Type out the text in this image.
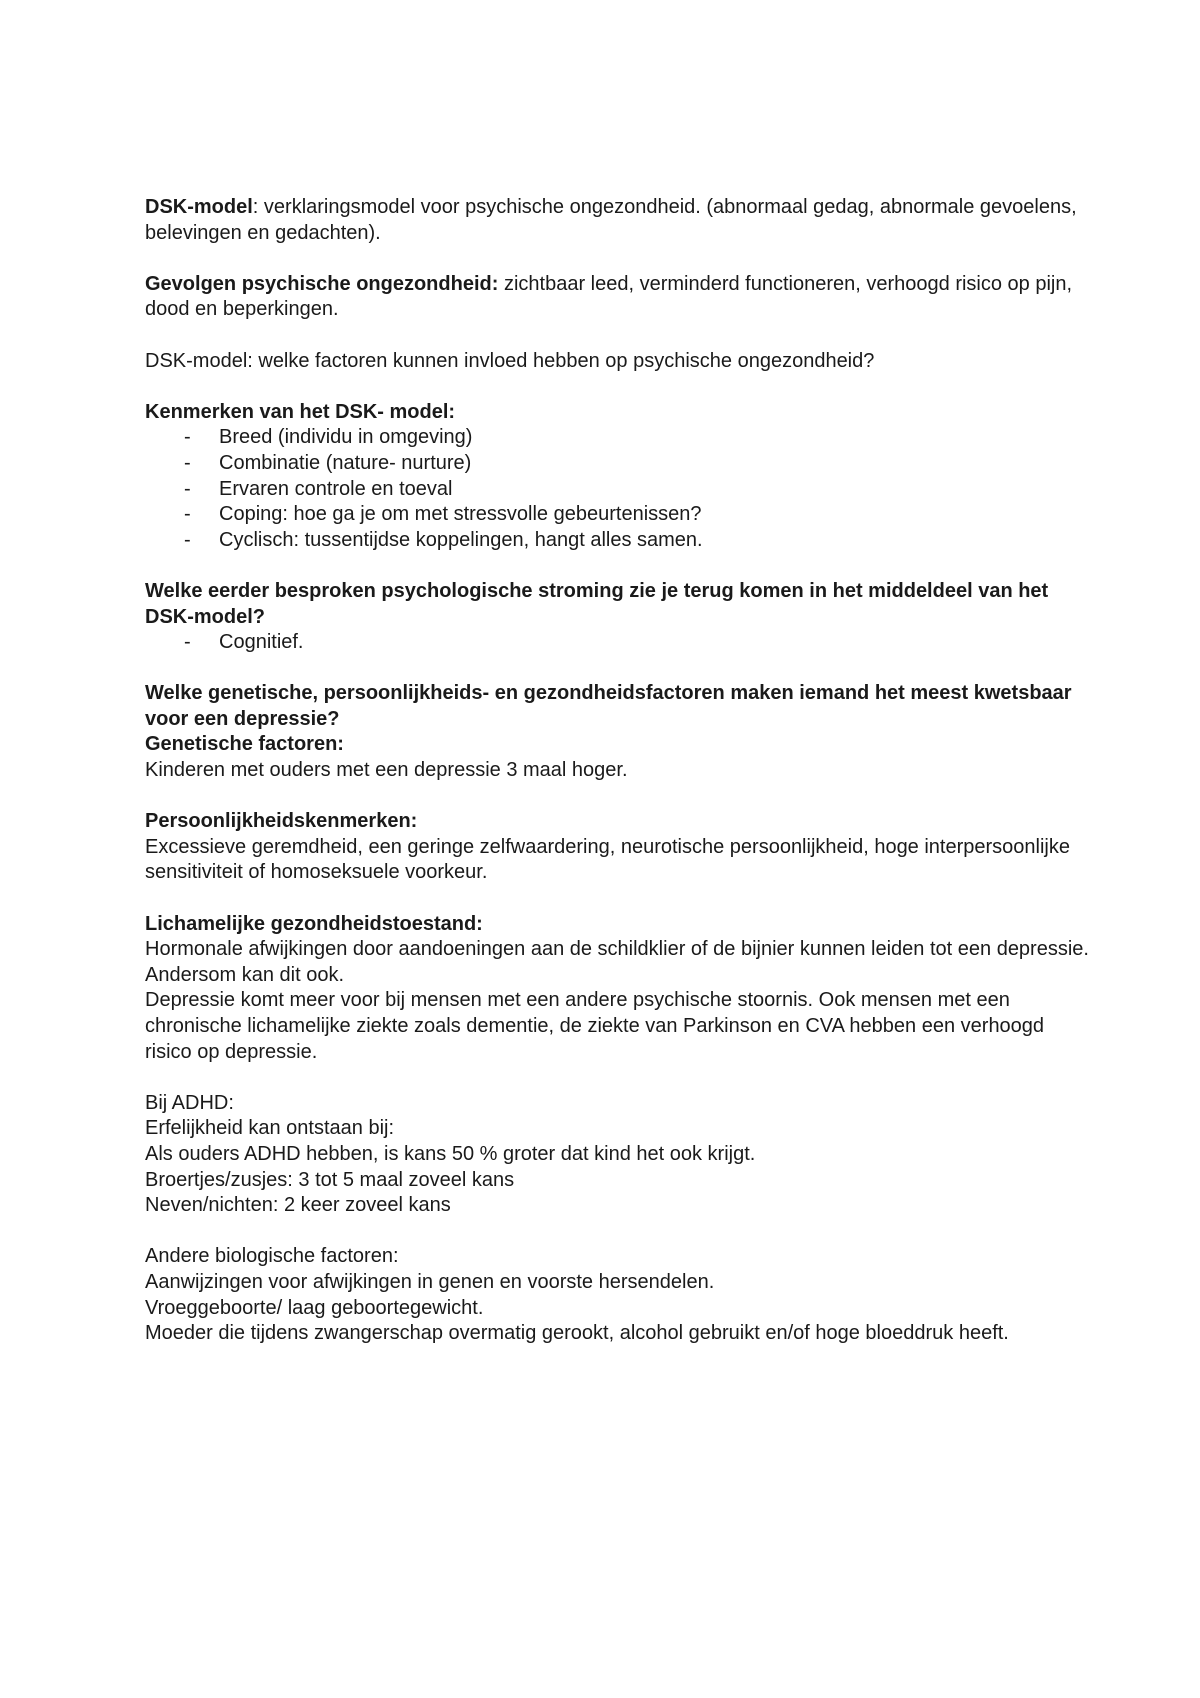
DSK-model: verklaringsmodel voor psychische ongezondheid. (abnormaal gedag, abnormale gevoelens, belevingen en gedachten).

Gevolgen psychische ongezondheid: zichtbaar leed, verminderd functioneren, verhoogd risico op pijn, dood en beperkingen.

DSK-model: welke factoren kunnen invloed hebben op psychische ongezondheid?

Kenmerken van het DSK- model:

- Breed (individu in omgeving)
- Combinatie (nature- nurture)
- Ervaren controle en toeval
- Coping: hoe ga je om met stressvolle gebeurtenissen?
- Cyclisch: tussentijdse koppelingen, hangt alles samen.

Welke eerder besproken psychologische stroming zie je terug komen in het middeldeel van het DSK-model?

- Cognitief.

Welke genetische, persoonlijkheids- en gezondheidsfactoren maken iemand het meest kwetsbaar voor een depressie?

Genetische factoren:

Kinderen met ouders met een depressie 3 maal hoger.

Persoonlijkheidskenmerken:

Excessieve geremdheid, een geringe zelfwaardering, neurotische persoonlijkheid, hoge interpersoonlijke sensitiviteit of homoseksuele voorkeur.

Lichamelijke gezondheidstoestand:

Hormonale afwijkingen door aandoeningen aan de schildklier of de bijnier kunnen leiden tot een depressie. Andersom kan dit ook.

Depressie komt meer voor bij mensen met een andere psychische stoornis. Ook mensen met een chronische lichamelijke ziekte zoals dementie, de ziekte van Parkinson en CVA hebben een verhoogd risico op depressie.

Bij ADHD:

Erfelijkheid kan ontstaan bij:

Als ouders ADHD hebben, is kans 50 % groter dat kind het ook krijgt.

Broertjes/zusjes: 3 tot 5 maal zoveel kans

Neven/nichten: 2 keer zoveel kans

Andere biologische factoren:

Aanwijzingen voor afwijkingen in genen en voorste hersendelen.

Vroeggeboorte/ laag geboortegewicht.

Moeder die tijdens zwangerschap overmatig gerookt, alcohol gebruikt en/of hoge bloeddruk heeft.
